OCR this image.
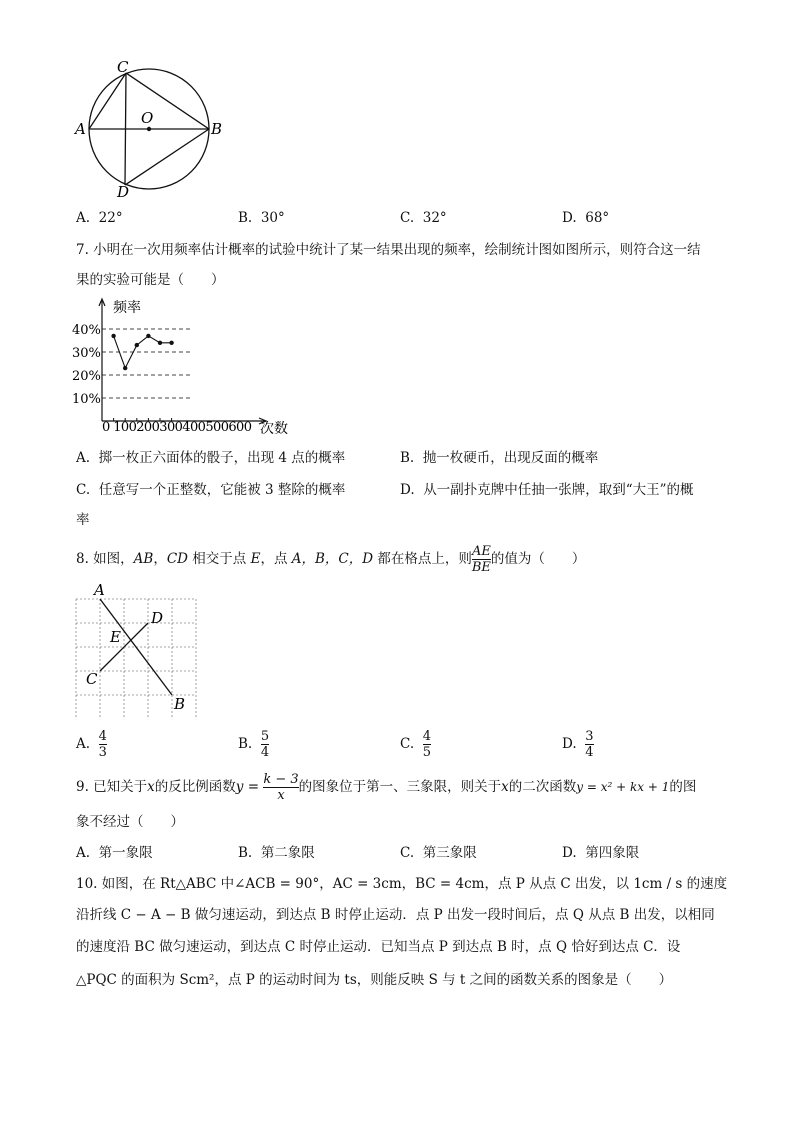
C
O
A	B
D
A. 22°	B. 30°	C. 32°	D. 68°
7. 小明在一次用频率估计概率的试验中统计了某一结果出现的频率，绘制统计图如图所示，则符合这一结
果的实验可能是（　　）
10%
20%
30%
40%
频率
次数
0 100200300400500600
A. 掷一枚正六面体的骰子，出现 4 点的概率	B. 抛一枚硬币，出现反面的概率
C. 任意写一个正整数，它能被 3 整除的概率	D. 从一副扑克牌中任抽一张牌，取到“大王”的概
率
8. 如图，AB，CD 相交于点 E，点 A，B，C，D 都在格点上，则 $\frac{AE}{BE}$ 的值为（　　）
A
D
E
C
B
A. $\frac{4}{3}$	B. $\frac{5}{4}$	C. $\frac{4}{5}$	D. $\frac{3}{4}$
9. 已知关于x的反比例函数$y = \frac{k - 3}{x}$ 的图象位于第一、三象限，则关于x的二次函数y = x² + kx + 1的图
象不经过（　　）
A. 第一象限	B. 第二象限	C. 第三象限	D. 第四象限
10. 如图，在 Rt△ABC 中∠ACB = 90°，AC = 3cm，BC = 4cm，点 P 从点 C 出发，以 1cm / s 的速度
沿折线 C − A − B 做匀速运动，到达点 B 时停止运动．点 P 出发一段时间后，点 Q 从点 B 出发，以相同
的速度沿 BC 做匀速运动，到达点 C 时停止运动．已知当点 P 到达点 B 时，点 Q 恰好到达点 C．设
△PQC 的面积为 Scm²，点 P 的运动时间为 ts，则能反映 S 与 t 之间的函数关系的图象是（　　）
